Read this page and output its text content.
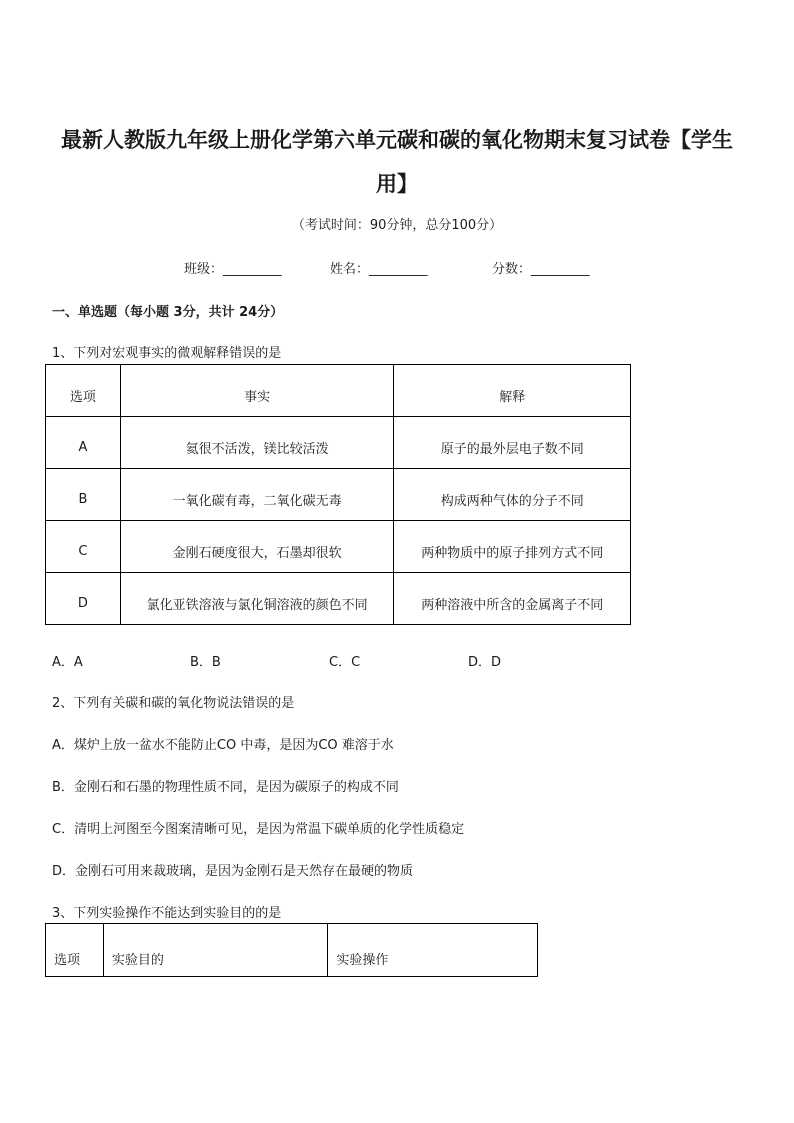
最新人教版九年级上册化学第六单元碳和碳的氧化物期末复习试卷【学生用】
（考试时间：90分钟，总分100分）
班级：_________	姓名：_________	分数：_________
一、单选题（每小题 3分，共计 24分）
1、下列对宏观事实的微观解释错误的是
选项	事实	解释
A	氦很不活泼，镁比较活泼	原子的最外层电子数不同
B	一氧化碳有毒，二氧化碳无毒	构成两种气体的分子不同
C	金刚石硬度很大，石墨却很软	两种物质中的原子排列方式不同
D	氯化亚铁溶液与氯化铜溶液的颜色不同	两种溶液中所含的金属离子不同
A．A	B．B	C．C	D．D
2、下列有关碳和碳的氧化物说法错误的是
A．煤炉上放一盆水不能防止CO 中毒，是因为CO 难溶于水
B．金刚石和石墨的物理性质不同，是因为碳原子的构成不同
C．清明上河图至今图案清晰可见，是因为常温下碳单质的化学性质稳定
D．金刚石可用来裁玻璃，是因为金刚石是天然存在最硬的物质
3、下列实验操作不能达到实验目的的是
选项	实验目的	实验操作
